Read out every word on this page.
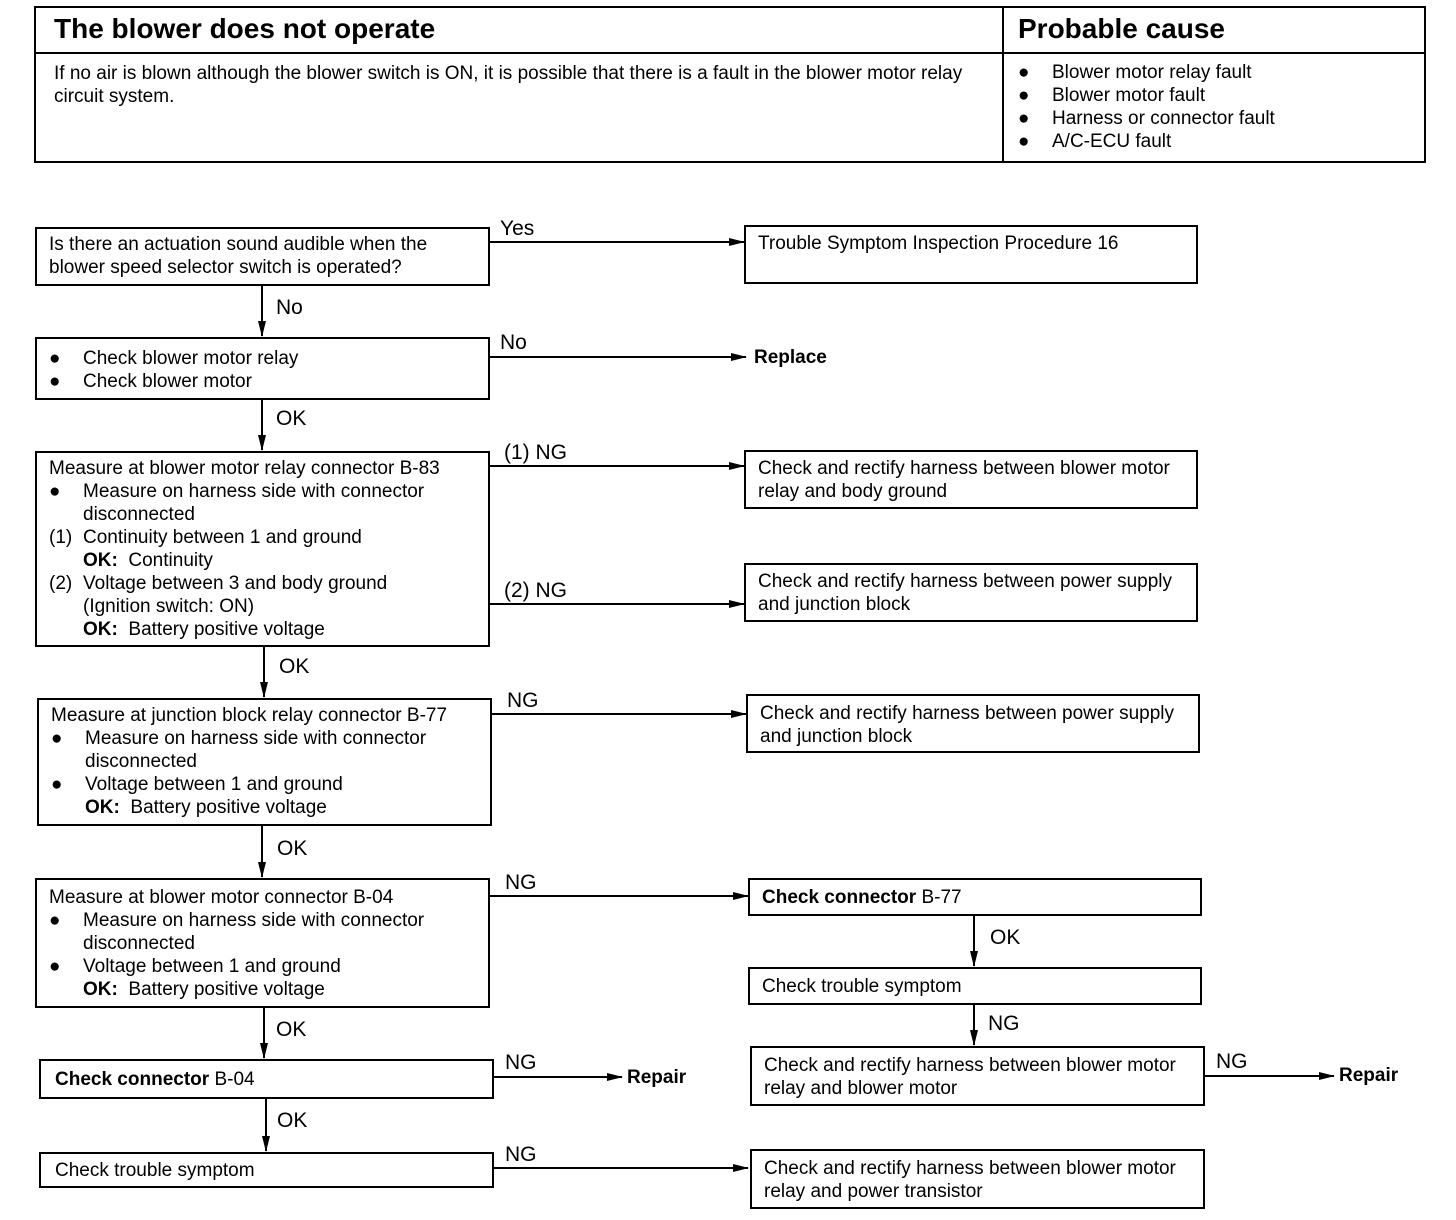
The blower does not operate	Probable cause
If no air is blown although the blower switch is ON, it is possible that there is a fault in the blower motor relay circuit system.
●	Blower motor relay fault
●	Blower motor fault
●	Harness or connector fault
●	A/C-ECU fault
Is there an actuation sound audible when the blower speed selector switch is operated?
●	Check blower motor relay
●	Check blower motor
Measure at blower motor relay connector B-83
●	Measure on harness side with connector disconnected
(1) Continuity between 1 and ground
OK: Continuity
(2) Voltage between 3 and body ground
(Ignition switch: ON)
OK: Battery positive voltage
Measure at junction block relay connector B-77
●	Measure on harness side with connector disconnected
●	Voltage between 1 and ground
OK: Battery positive voltage
Measure at blower motor connector B-04
●	Measure on harness side with connector disconnected
●	Voltage between 1 and ground
OK: Battery positive voltage
Check connector B-04
Check trouble symptom
Trouble Symptom Inspection Procedure 16
Replace
Check and rectify harness between blower motor relay and body ground
Check and rectify harness between power supply and junction block
Check and rectify harness between power supply and junction block
Check connector B-77
Check trouble symptom
Check and rectify harness between blower motor relay and blower motor
Repair	Repair
Check and rectify harness between blower motor relay and power transistor
Yes
No
No
OK
(1) NG
(2) NG
OK
NG
OK
NG
OK
NG
OK
NG	NG
OK
NG
